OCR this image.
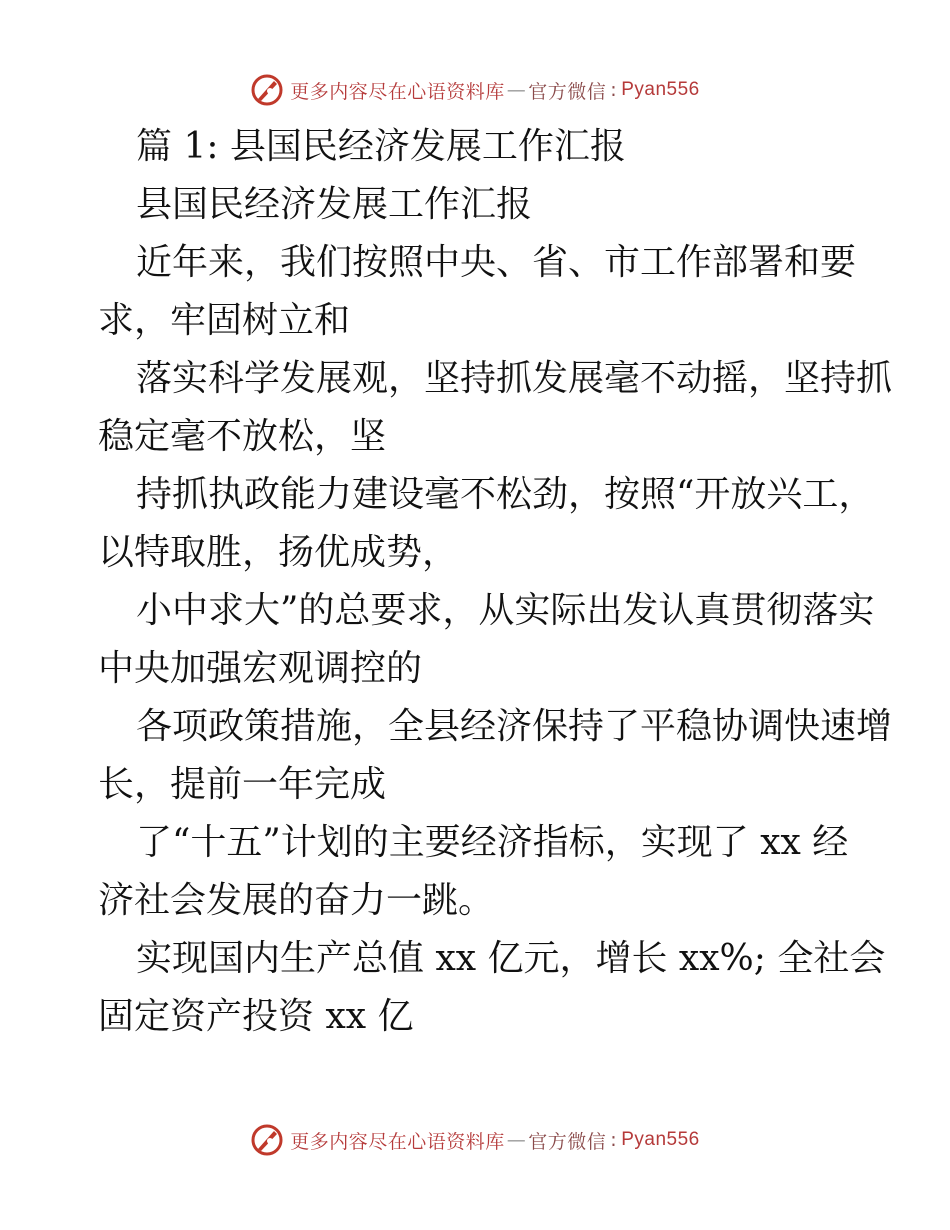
更多内容尽在心语资料库 — 官方微信 : Pyan556
篇 1: 县国民经济发展工作汇报
县国民经济发展工作汇报
近年来，我们按照中央、省、市工作部署和要
求，牢固树立和
落实科学发展观，坚持抓发展毫不动摇，坚持抓
稳定毫不放松，坚
持抓执政能力建设毫不松劲，按照“开放兴工，
以特取胜，扬优成势，
小中求大”的总要求，从实际出发认真贯彻落实
中央加强宏观调控的
各项政策措施，全县经济保持了平稳协调快速增
长，提前一年完成
了“十五”计划的主要经济指标，实现了 xx 经
济社会发展的奋力一跳。
实现国内生产总值 xx 亿元，增长 xx%; 全社会
固定资产投资 xx 亿
更多内容尽在心语资料库 — 官方微信 : Pyan556
